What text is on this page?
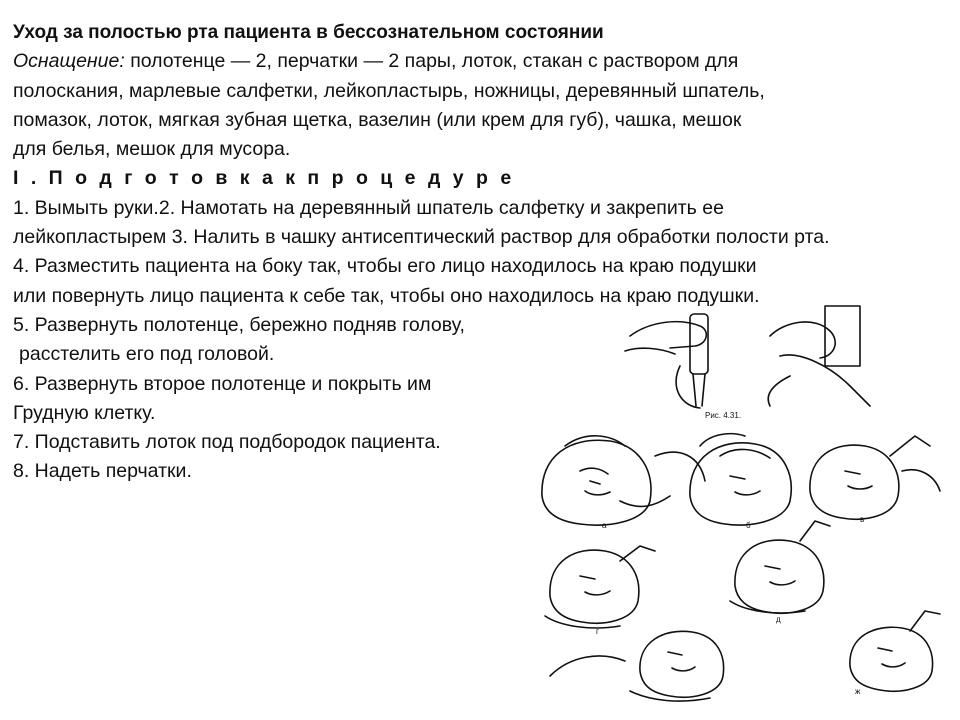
Уход за полостью рта пациента в бессознательном состоянии
Оснащение: полотенце — 2, перчатки — 2 пары, лоток, стакан с раствором для
полоскания, марлевые салфетки, лейкопластырь, ножницы, деревянный шпатель,
помазок, лоток, мягкая зубная щетка, вазелин (или крем для губ), чашка, мешок
для белья, мешок для мусора.
I . П о д г о т о в к а к п р о ц е д у р е
1. Вымыть руки.2. Намотать на деревянный шпатель салфетку и закрепить ее
лейкопластырем 3. Налить в чашку антисептический раствор для обработки полости рта.
4. Разместить пациента на боку так, чтобы его лицо находилось на краю подушки
или повернуть лицо пациента к себе так, чтобы оно находилось на краю подушки.
5. Развернуть полотенце, бережно подняв голову,
расстелить его под головой.
6. Развернуть второе полотенце и покрыть им
Грудную клетку.
7. Подставить лоток под подбородок пациента.
8. Надеть перчатки.
Рис. 4.31.
а	б
в
г
д
ж
